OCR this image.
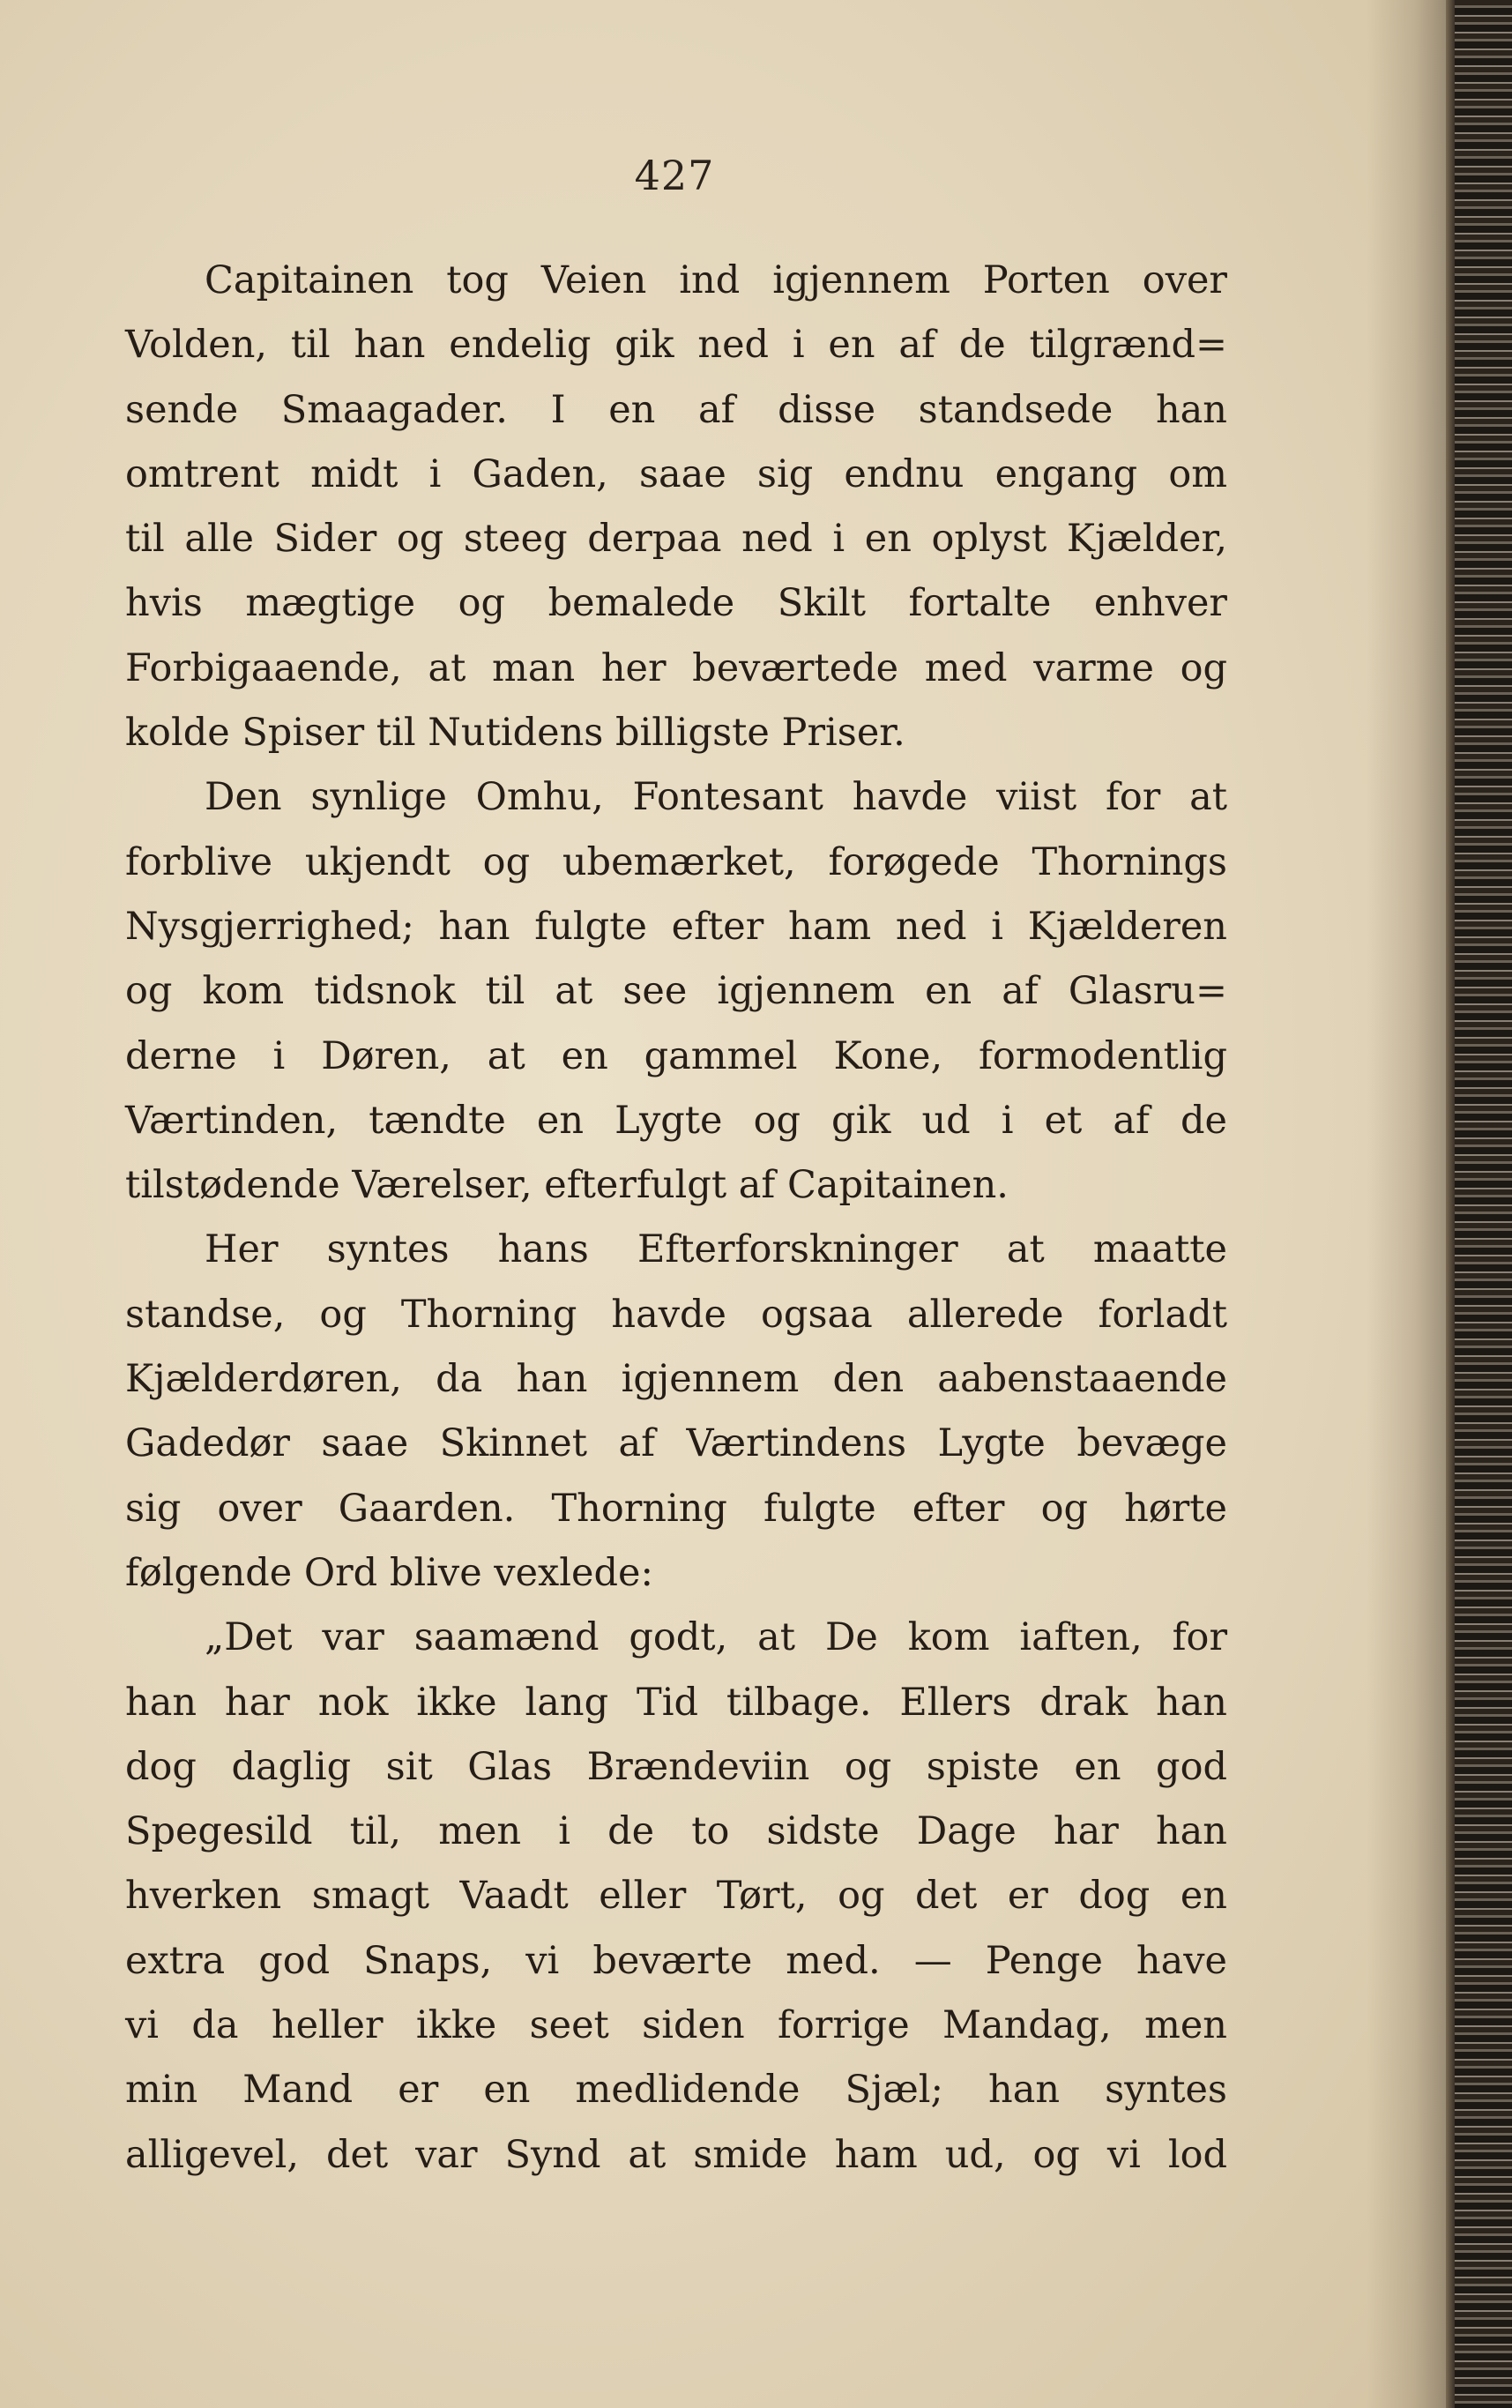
427
Capitainen tog Veien ind igjennem Porten over
Volden, til han endelig gik ned i en af de tilgrænd=
sende Smaagader. I en af disse standsede han
omtrent midt i Gaden, saae sig endnu engang om
til alle Sider og steeg derpaa ned i en oplyst Kjælder,
hvis mægtige og bemalede Skilt fortalte enhver
Forbigaaende, at man her beværtede med varme og
kolde Spiser til Nutidens billigste Priser.
Den synlige Omhu, Fontesant havde viist for at
forblive ukjendt og ubemærket, forøgede Thornings
Nysgjerrighed; han fulgte efter ham ned i Kjælderen
og kom tidsnok til at see igjennem en af Glasru=
derne i Døren, at en gammel Kone, formodentlig
Værtinden, tændte en Lygte og gik ud i et af de
tilstødende Værelser, efterfulgt af Capitainen.
Her syntes hans Efterforskninger at maatte
standse, og Thorning havde ogsaa allerede forladt
Kjælderdøren, da han igjennem den aabenstaaende
Gadedør saae Skinnet af Værtindens Lygte bevæge
sig over Gaarden. Thorning fulgte efter og hørte
følgende Ord blive vexlede:
„Det var saamænd godt, at De kom iaften, for
han har nok ikke lang Tid tilbage. Ellers drak han
dog daglig sit Glas Brændeviin og spiste en god
Spegesild til, men i de to sidste Dage har han
hverken smagt Vaadt eller Tørt, og det er dog en
extra god Snaps, vi beværte med. — Penge have
vi da heller ikke seet siden forrige Mandag, men
min Mand er en medlidende Sjæl; han syntes
alligevel, det var Synd at smide ham ud, og vi lod
